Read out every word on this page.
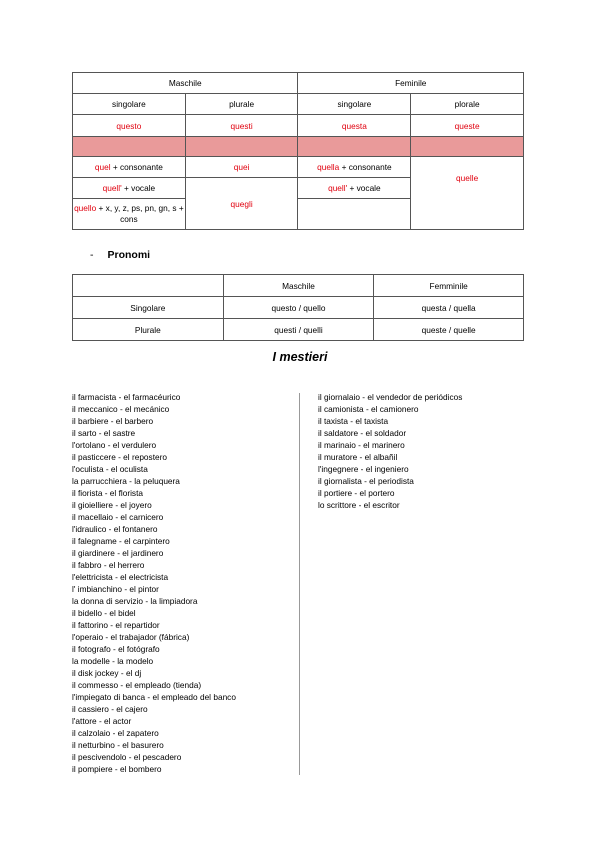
Maschile		Feminile	
singolare	plurale	singolare	plorale
questo	questi	questa	queste

quel + consonante	quei	quella + consonante	quelle
quell' + vocale	quegli	quell' + vocale	
quello + x, y, z, ps, pn, gn, s + cons			
- Pronomi
	Maschile	Femminile
Singolare	questo / quello	questa / quella
Plurale	questi / quelli	queste / quelle
I mestieri
il farmacista - el farmacéurico
il meccanico - el mecánico
il barbiere - el barbero
il sarto - el sastre
l'ortolano - el verdulero
il pasticcere - el repostero
l'oculista - el oculista
la parrucchiera - la peluquera
il fiorista - el florista
il gioielliere - el joyero
il macellaio - el carnicero
l'idraulico - el fontanero
il falegname - el carpintero
il giardinere - el jardinero
il fabbro - el herrero
l'elettricista - el electricista
l' imbianchino - el pintor
la donna di servizio - la limpiadora
il bidello - el bidel
il fattorino - el repartidor
l'operaio - el trabajador (fábrica)
il fotografo - el fotógrafo
la modelle - la modelo
il disk jockey - el dj
il commesso - el empleado (tienda)
l'impiegato di banca - el empleado del banco
il cassiero - el cajero
l'attore - el actor
il calzolaio - el zapatero
il netturbino - el basurero
il pescivendolo - el pescadero
il pompiere - el bombero
il giornalaio - el vendedor de periódicos
il camionista - el camionero
il taxista - el taxista
il saldatore - el soldador
il marinaio - el marinero
il muratore - el albañil
l'ingegnere - el ingeniero
il giornalista - el periodista
il portiere - el portero
lo scrittore - el escritor
